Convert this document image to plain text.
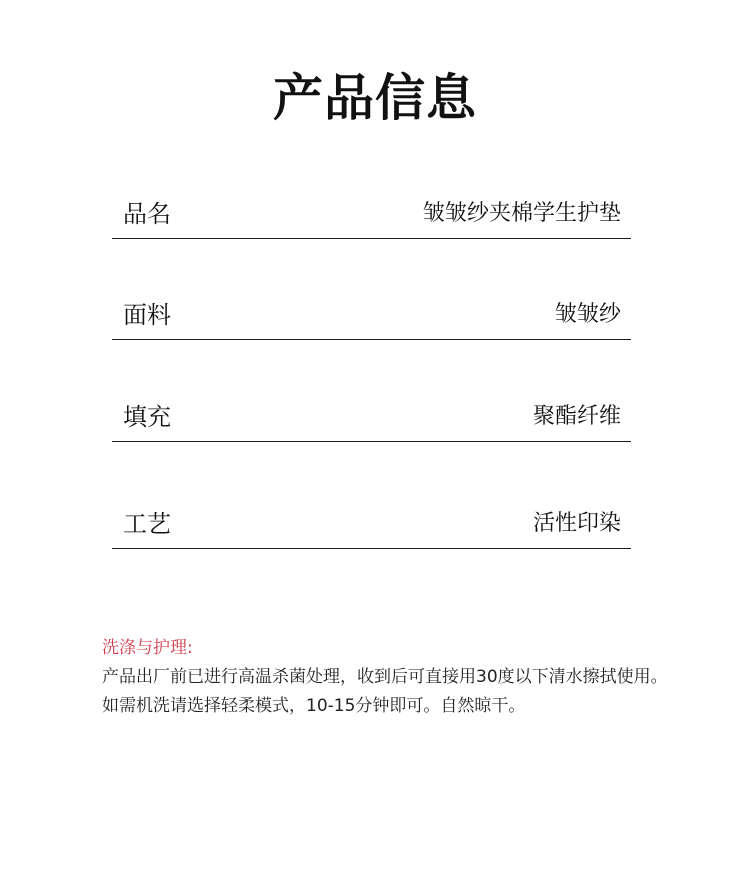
产品信息
品名	皱皱纱夹棉学生护垫
面料	皱皱纱
填充	聚酯纤维
工艺	活性印染
洗涤与护理:
产品出厂前已进行高温杀菌处理，收到后可直接用30度以下清水擦拭使用。
如需机洗请选择轻柔模式，10-15分钟即可。自然晾干。
